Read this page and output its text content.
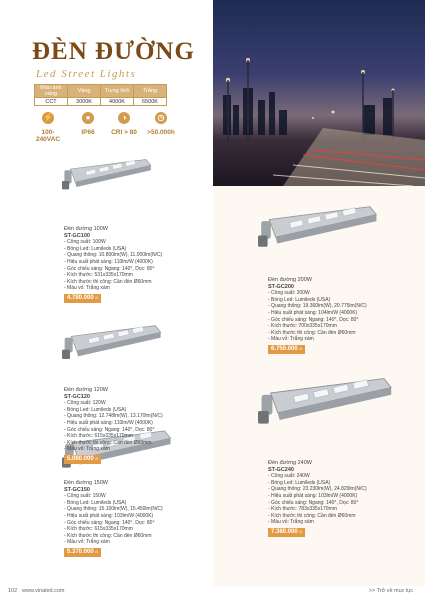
ĐÈN ĐƯỜNG
Led Street Lights
Màu ánh sáng	Vàng	Trung tính	Trắng
CCT	3000K	4000K	6500K
⚡
100-240VAC
●
IP66
◑
CRI > 80
◷
>50.000h
Đèn đường 100W
ST-GC100
- Công suất: 100W
- Bóng Led: Lumileds (USA)
- Quang thông: 10.800lm(W), 11.000lm(N/C)
- Hiệu suất phát sáng: 110lm/W (4000K)
- Góc chiếu sáng: Ngang: 140°, Dọc: 80°
- Kích thước: 531x335x170mm
- Kích thước thi công: Cần đèn Ø60mm
- Màu vỏ: Trắng xám
4.780.000 đ
Đèn đường 200W
ST-GC200
- Công suất: 200W
- Bóng Led: Lumileds (USA)
- Quang thông: 19.360lm(W), 20.775lm(N/C)
- Hiệu suất phát sáng: 104lm/W (4000K)
- Góc chiếu sáng: Ngang: 140°, Dọc: 80°
- Kích thước: 700x335x170mm
- Kích thước thi công: Cần đèn Ø60mm
- Màu vỏ: Trắng xám
6.750.000 đ
Đèn đường 120W
ST-GC120
- Công suất: 120W
- Bóng Led: Lumileds (USA)
- Quang thông: 12.748lm(W), 13.170lm(N/C)
- Hiệu suất phát sáng: 110lm/W (4000K)
- Góc chiếu sáng: Ngang: 140°, Dọc: 80°
- Kích thước: 615x335x170mm
- Kích thước thi công: Cần đèn Ø60mm
- Màu vỏ: Trắng xám
5.060.000 đ
Đèn đường 240W
ST-GC240
- Công suất: 240W
- Bóng Led: Lumileds (USA)
- Quang thông: 23.230lm(W), 24.829lm(N/C)
- Hiệu suất phát sáng: 103lm/W (4000K)
- Góc chiếu sáng: Ngang: 140°, Dọc: 80°
- Kích thước: 783x335x170mm
- Kích thước thi công: Cần đèn Ø60mm
- Màu vỏ: Trắng xám
7.380.000 đ
Đèn đường 150W
ST-GC150
- Công suất: 150W
- Bóng Led: Lumileds (USA)
- Quang thông: 15.100lm(W), 15.450lm(N/C)
- Hiệu suất phát sáng: 103lm/W (4000K)
- Góc chiếu sáng: Ngang: 140°, Dọc: 80°
- Kích thước: 615x335x170mm
- Kích thước thi công: Cần đèn Ø60mm
- Màu vỏ: Trắng xám
5.370.000 đ
102 www.vinaled.com	>> Trở về mục lục
